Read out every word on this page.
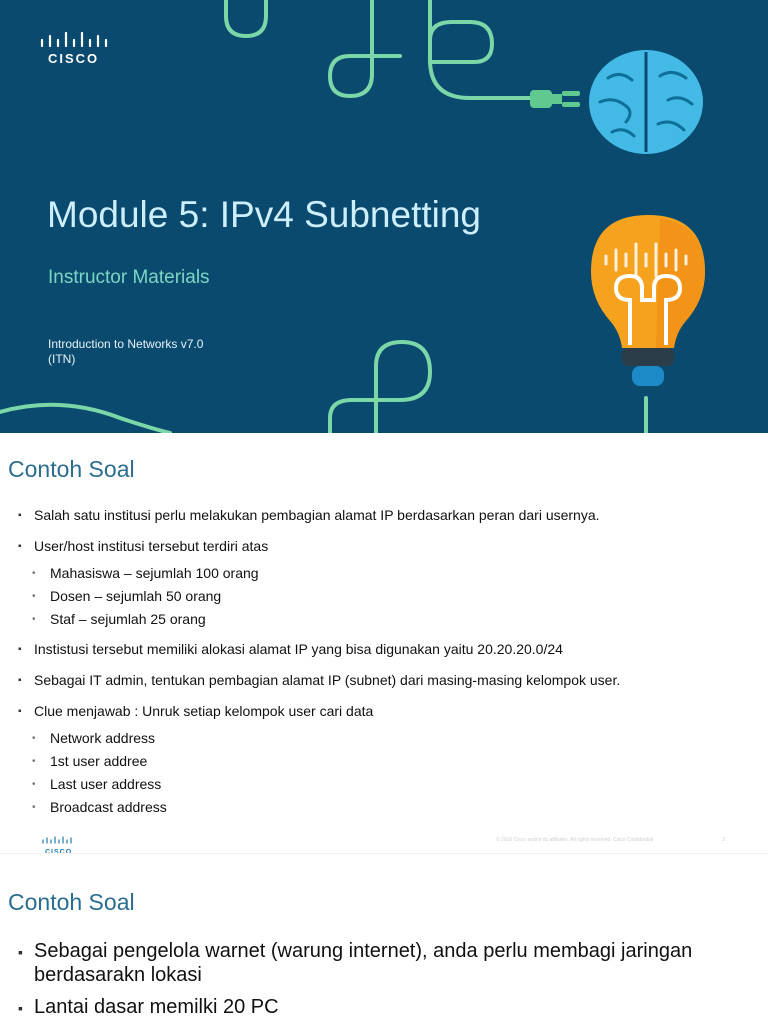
CISCO
Module 5: IPv4 Subnetting
Instructor Materials
Introduction to Networks v7.0
(ITN)
Contoh Soal
▪ Salah satu institusi perlu melakukan pembagian alamat IP berdasarkan peran dari usernya.
▪ User/host institusi tersebut terdiri atas
• Mahasiswa – sejumlah 100 orang
• Dosen – sejumlah 50 orang
• Staf – sejumlah 25 orang
▪ Instistusi tersebut memiliki alokasi alamat IP yang bisa digunakan yaitu 20.20.20.0/24
▪ Sebagai IT admin, tentukan pembagian alamat IP (subnet) dari masing-masing kelompok user.
▪ Clue menjawab : Unruk setiap kelompok user cari data
• Network address
• 1st user addree
• Last user address
• Broadcast address
© 2016 Cisco and/or its affiliates. All rights reserved. Cisco Confidential	3
Contoh Soal
▪ Sebagai pengelola warnet (warung internet), anda perlu membagi jaringan berdasarakn lokasi
▪ Lantai dasar memilki 20 PC
